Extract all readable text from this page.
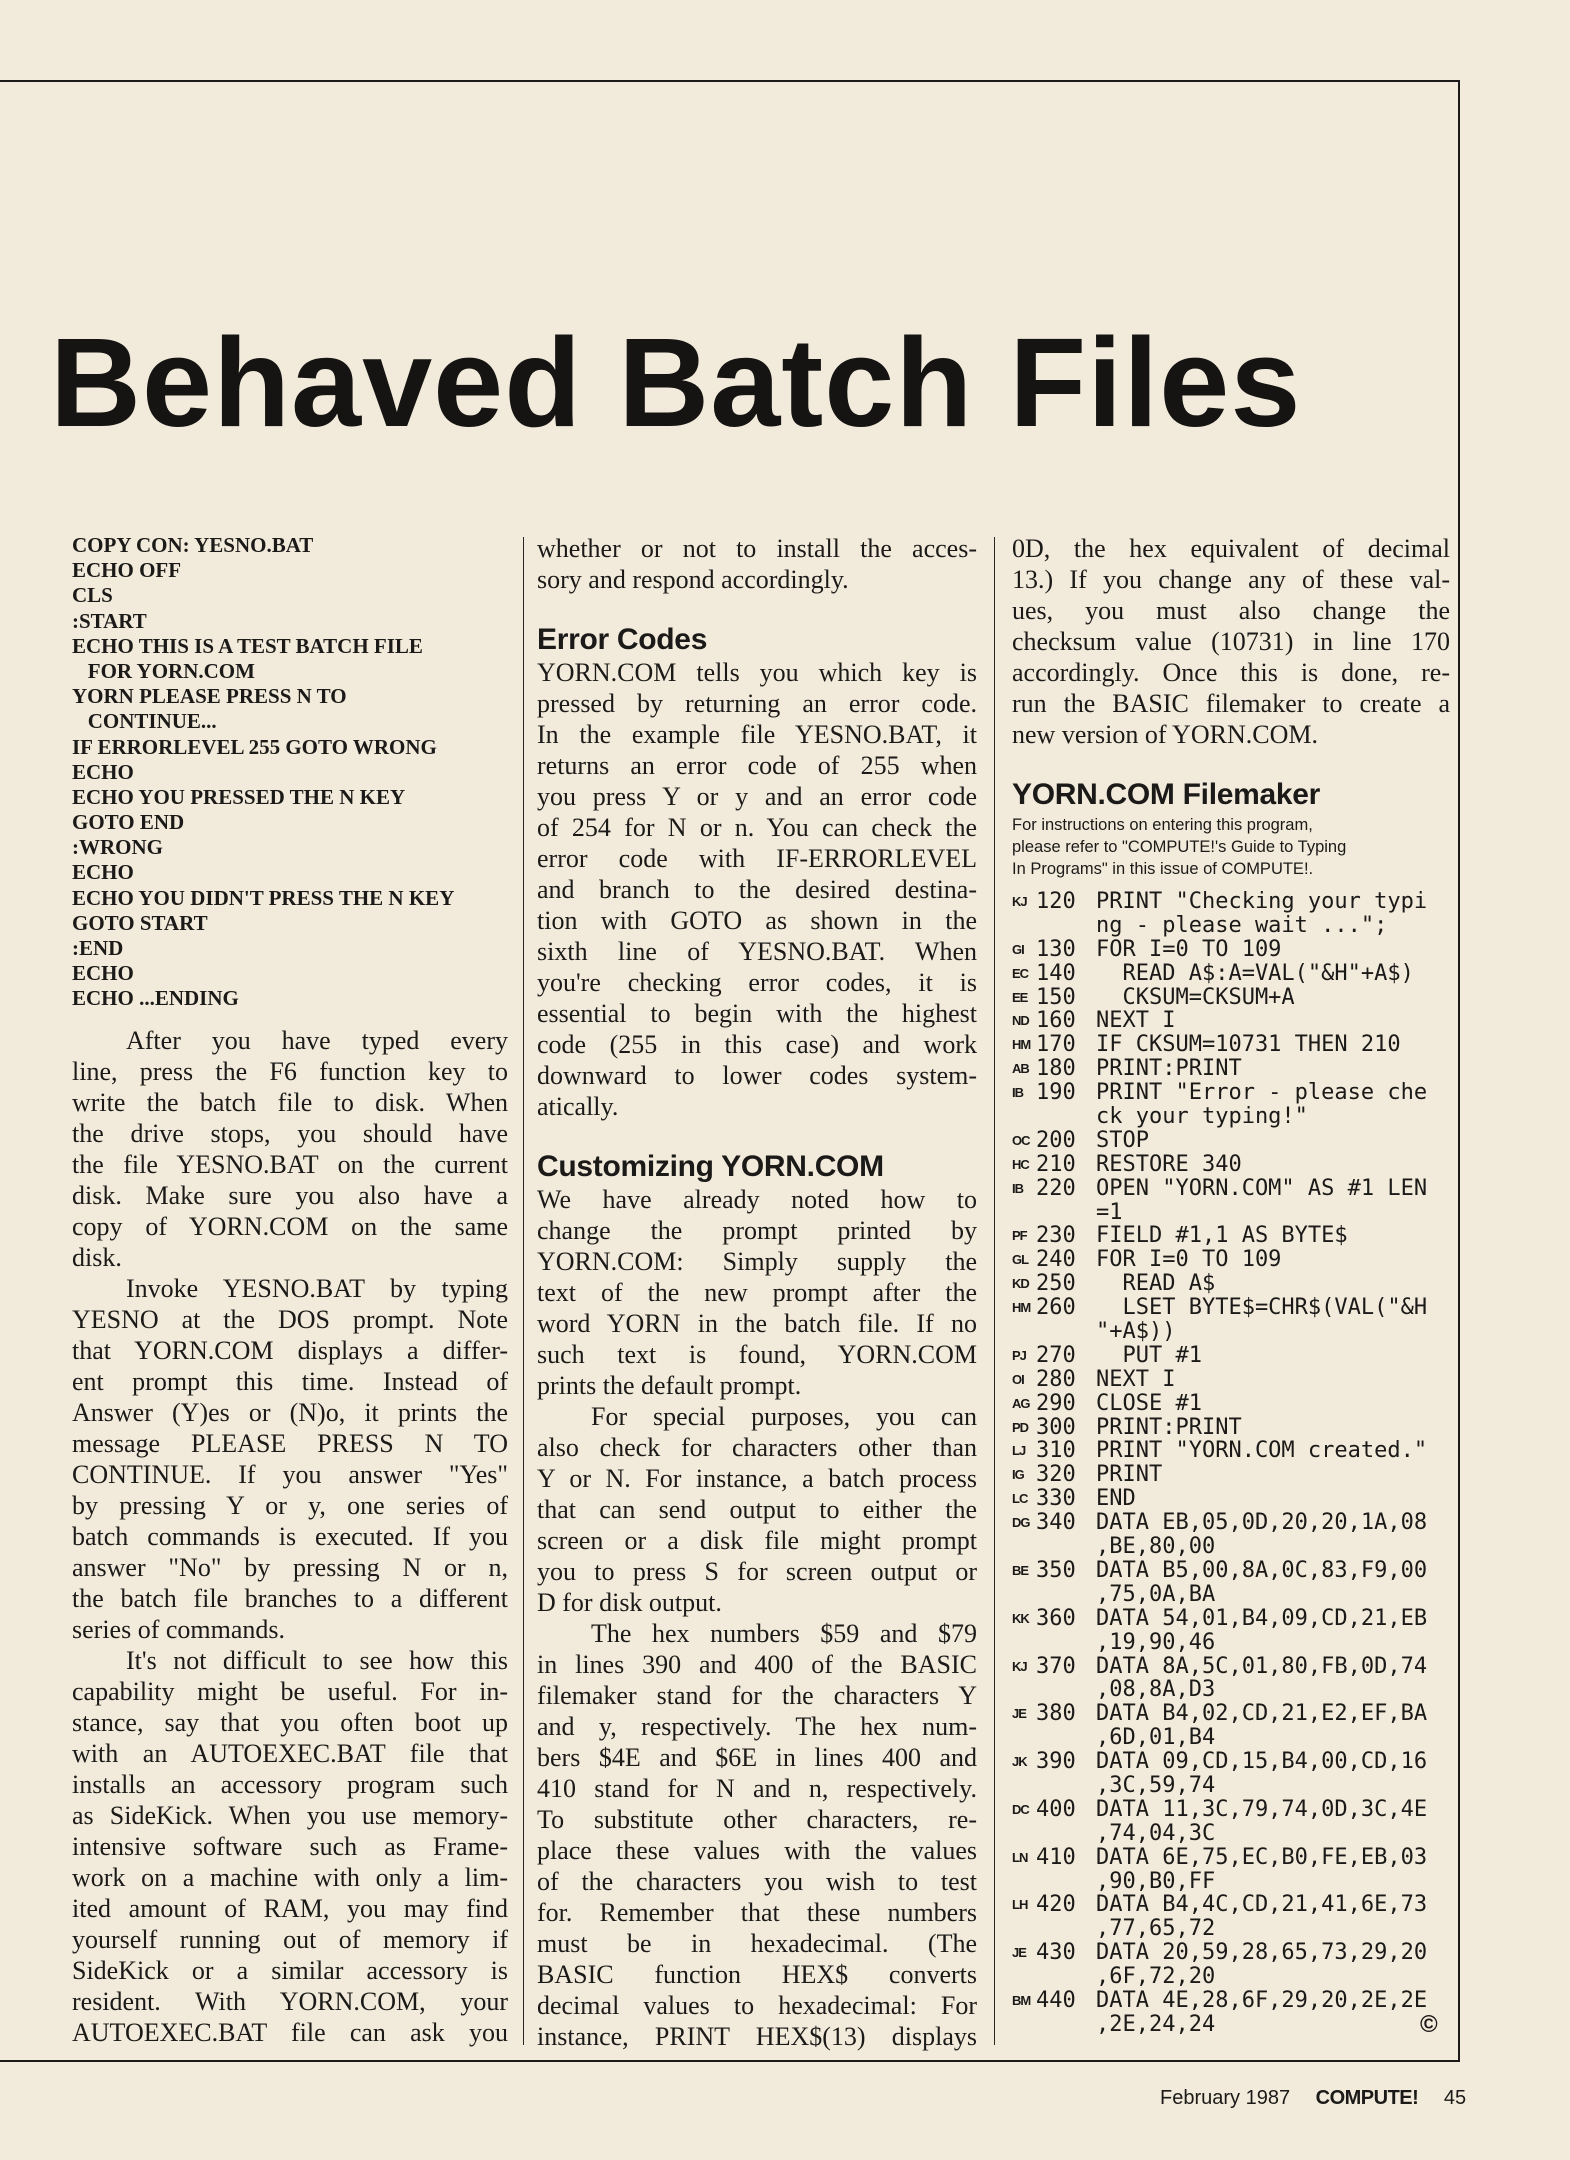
Behaved Batch Files
COPY CON: YESNO.BAT
ECHO OFF
CLS
:START
ECHO THIS IS A TEST BATCH FILE
FOR YORN.COM
YORN PLEASE PRESS N TO
CONTINUE...
IF ERRORLEVEL 255 GOTO WRONG
ECHO
ECHO YOU PRESSED THE N KEY
GOTO END
:WRONG
ECHO
ECHO YOU DIDN'T PRESS THE N KEY
GOTO START
:END
ECHO
ECHO ...ENDING
After you have typed every
line, press the F6 function key to
write the batch file to disk. When
the drive stops, you should have
the file YESNO.BAT on the current
disk. Make sure you also have a
copy of YORN.COM on the same
disk.
Invoke YESNO.BAT by typing
YESNO at the DOS prompt. Note
that YORN.COM displays a differ-
ent prompt this time. Instead of
Answer (Y)es or (N)o, it prints the
message PLEASE PRESS N TO
CONTINUE. If you answer "Yes"
by pressing Y or y, one series of
batch commands is executed. If you
answer "No" by pressing N or n,
the batch file branches to a different
series of commands.
It's not difficult to see how this
capability might be useful. For in-
stance, say that you often boot up
with an AUTOEXEC.BAT file that
installs an accessory program such
as SideKick. When you use memory-
intensive software such as Frame-
work on a machine with only a lim-
ited amount of RAM, you may find
yourself running out of memory if
SideKick or a similar accessory is
resident. With YORN.COM, your
AUTOEXEC.BAT file can ask you
whether or not to install the acces-
sory and respond accordingly.
Error Codes
YORN.COM tells you which key is
pressed by returning an error code.
In the example file YESNO.BAT, it
returns an error code of 255 when
you press Y or y and an error code
of 254 for N or n. You can check the
error code with IF-ERRORLEVEL
and branch to the desired destina-
tion with GOTO as shown in the
sixth line of YESNO.BAT. When
you're checking error codes, it is
essential to begin with the highest
code (255 in this case) and work
downward to lower codes system-
atically.
Customizing YORN.COM
We have already noted how to
change the prompt printed by
YORN.COM: Simply supply the
text of the new prompt after the
word YORN in the batch file. If no
such text is found, YORN.COM
prints the default prompt.
For special purposes, you can
also check for characters other than
Y or N. For instance, a batch process
that can send output to either the
screen or a disk file might prompt
you to press S for screen output or
D for disk output.
The hex numbers $59 and $79
in lines 390 and 400 of the BASIC
filemaker stand for the characters Y
and y, respectively. The hex num-
bers $4E and $6E in lines 400 and
410 stand for N and n, respectively.
To substitute other characters, re-
place these values with the values
of the characters you wish to test
for. Remember that these numbers
must be in hexadecimal. (The
BASIC function HEX$ converts
decimal values to hexadecimal: For
instance, PRINT HEX$(13) displays
0D, the hex equivalent of decimal
13.) If you change any of these val-
ues, you must also change the
checksum value (10731) in line 170
accordingly. Once this is done, re-
run the BASIC filemaker to create a
new version of YORN.COM.
YORN.COM Filemaker
For instructions on entering this program,
please refer to "COMPUTE!'s Guide to Typing
In Programs" in this issue of COMPUTE!.
KJ 120 PRINT "Checking your typi
ng - please wait ...";
GI 130 FOR I=0 TO 109
EC 140 READ A$:A=VAL("&H"+A$)
EE 150 CKSUM=CKSUM+A
ND 160 NEXT I
HM 170 IF CKSUM=10731 THEN 210
AB 180 PRINT:PRINT
IB 190 PRINT "Error - please che
ck your typing!"
OC 200 STOP
HC 210 RESTORE 340
IB 220 OPEN "YORN.COM" AS #1 LEN
=1
PF 230 FIELD #1,1 AS BYTE$
GL 240 FOR I=0 TO 109
KD 250 READ A$
HM 260 LSET BYTE$=CHR$(VAL("&H
"+A$))
PJ 270 PUT #1
OI 280 NEXT I
AG 290 CLOSE #1
PD 300 PRINT:PRINT
LJ 310 PRINT "YORN.COM created."
IG 320 PRINT
LC 330 END
DG 340 DATA EB,05,0D,20,20,1A,08
,BE,80,00
BE 350 DATA B5,00,8A,0C,83,F9,00
,75,0A,BA
KK 360 DATA 54,01,B4,09,CD,21,EB
,19,90,46
KJ 370 DATA 8A,5C,01,80,FB,0D,74
,08,8A,D3
JE 380 DATA B4,02,CD,21,E2,EF,BA
,6D,01,B4
JK 390 DATA 09,CD,15,B4,00,CD,16
,3C,59,74
DC 400 DATA 11,3C,79,74,0D,3C,4E
,74,04,3C
LN 410 DATA 6E,75,EC,B0,FE,EB,03
,90,B0,FF
LH 420 DATA B4,4C,CD,21,41,6E,73
,77,65,72
JE 430 DATA 20,59,28,65,73,29,20
,6F,72,20
BM 440 DATA 4E,28,6F,29,20,2E,2E
,2E,24,24	©
February 1987 COMPUTE! 45
